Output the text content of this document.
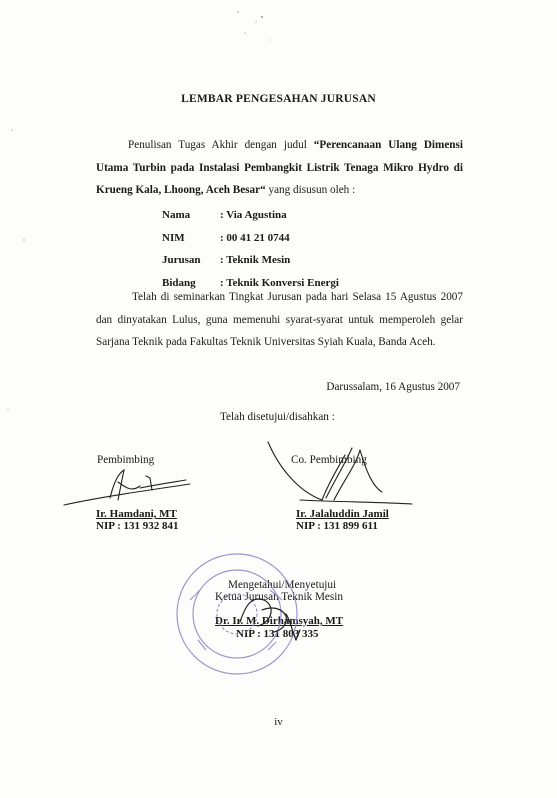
LEMBAR PENGESAHAN JURUSAN
Penulisan Tugas Akhir dengan judul “Perencanaan Ulang Dimensi Utama Turbin pada Instalasi Pembangkit Listrik Tenaga Mikro Hydro di Krueng Kala, Lhoong, Aceh Besar“ yang disusun oleh :
Nama	: Via Agustina
NIM	: 00 41 21 0744
Jurusan	: Teknik Mesin
Bidang	: Teknik Konversi Energi
Telah di seminarkan Tingkat Jurusan pada hari Selasa 15 Agustus 2007 dan dinyatakan Lulus, guna memenuhi syarat-syarat untuk memperoleh gelar Sarjana Teknik pada Fakultas Teknik Universitas Syiah Kuala, Banda Aceh.
Darussalam, 16 Agustus 2007
Telah disetujui/disahkan :
Pembimbing
Ir. Hamdani, MT
NIP : 131 932 841
Co. Pembimbing
Ir. Jalaluddin Jamil
NIP : 131 899 611
Mengetahui/Menyetujui
Ketua Jurusan Teknik Mesin
Dr. Ir. M. Dirhamsyah, MT
NIP : 131 803 335
iv
